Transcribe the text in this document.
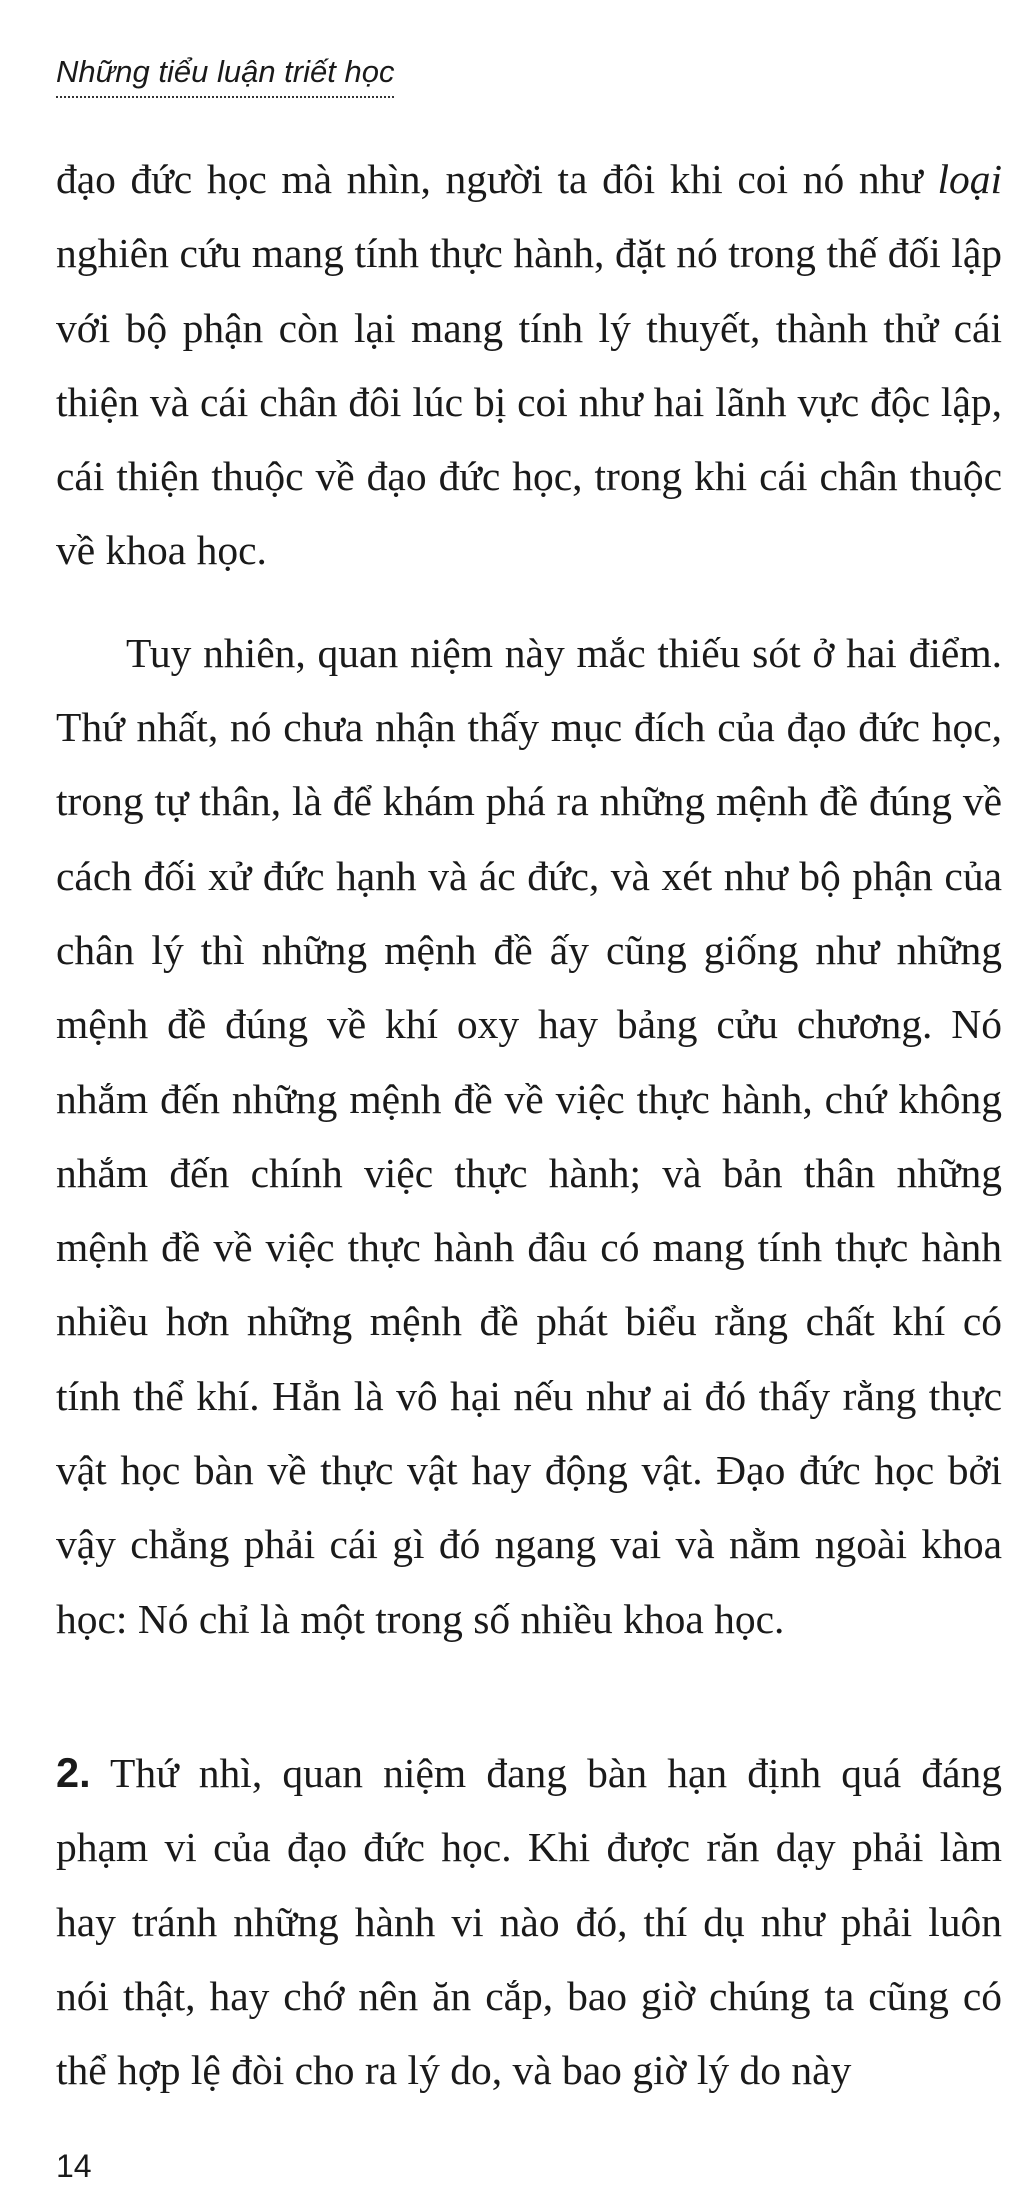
Những tiểu luận triết học

đạo đức học mà nhìn, người ta đôi khi coi nó như loại nghiên cứu mang tính thực hành, đặt nó trong thế đối lập với bộ phận còn lại mang tính lý thuyết, thành thử cái thiện và cái chân đôi lúc bị coi như hai lãnh vực độc lập, cái thiện thuộc về đạo đức học, trong khi cái chân thuộc về khoa học.

Tuy nhiên, quan niệm này mắc thiếu sót ở hai điểm. Thứ nhất, nó chưa nhận thấy mục đích của đạo đức học, trong tự thân, là để khám phá ra những mệnh đề đúng về cách đối xử đức hạnh và ác đức, và xét như bộ phận của chân lý thì những mệnh đề ấy cũng giống như những mệnh đề đúng về khí oxy hay bảng cửu chương. Nó nhắm đến những mệnh đề về việc thực hành, chứ không nhắm đến chính việc thực hành; và bản thân những mệnh đề về việc thực hành đâu có mang tính thực hành nhiều hơn những mệnh đề phát biểu rằng chất khí có tính thể khí. Hẳn là vô hại nếu như ai đó thấy rằng thực vật học bàn về thực vật hay động vật. Đạo đức học bởi vậy chẳng phải cái gì đó ngang vai và nằm ngoài khoa học: Nó chỉ là một trong số nhiều khoa học.

2. Thứ nhì, quan niệm đang bàn hạn định quá đáng phạm vi của đạo đức học. Khi được răn dạy phải làm hay tránh những hành vi nào đó, thí dụ như phải luôn nói thật, hay chớ nên ăn cắp, bao giờ chúng ta cũng có thể hợp lệ đòi cho ra lý do, và bao giờ lý do này

14
